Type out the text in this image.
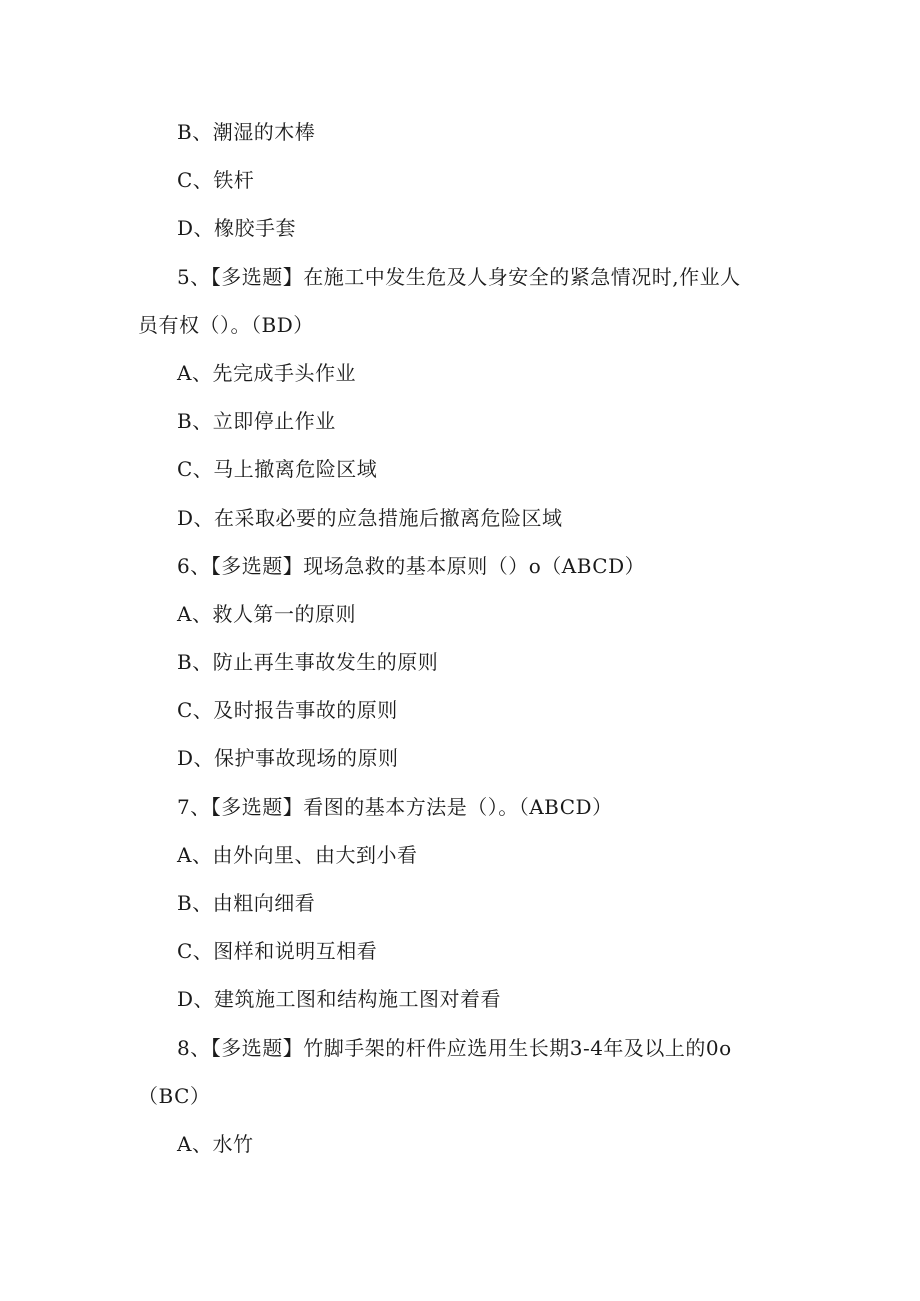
B、潮湿的木棒
C、铁杆
D、橡胶手套
5、【多选题】在施工中发生危及人身安全的紧急情况时,作业人
员有权（）。（BD）
A、先完成手头作业
B、立即停止作业
C、马上撤离危险区域
D、在采取必要的应急措施后撤离危险区域
6、【多选题】现场急救的基本原则（）o（ABCD）
A、救人第一的原则
B、防止再生事故发生的原则
C、及时报告事故的原则
D、保护事故现场的原则
7、【多选题】看图的基本方法是（）。（ABCD）
A、由外向里、由大到小看
B、由粗向细看
C、图样和说明互相看
D、建筑施工图和结构施工图对着看
8、【多选题】竹脚手架的杆件应选用生长期3-4年及以上的0o
（BC）
A、水竹
